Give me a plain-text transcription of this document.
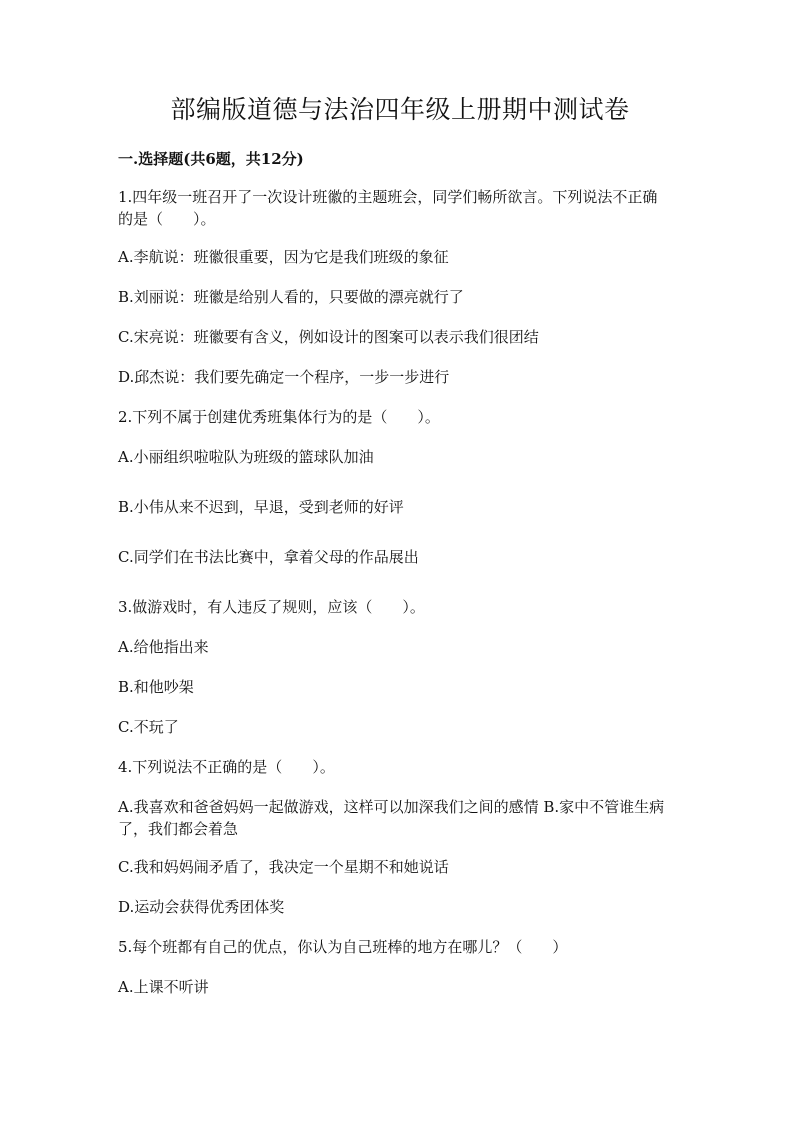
部编版道德与法治四年级上册期中测试卷
一.选择题(共6题，共12分)
1.四年级一班召开了一次设计班徽的主题班会，同学们畅所欲言。下列说法不正确的是（　　）。
A.李航说：班徽很重要，因为它是我们班级的象征
B.刘丽说：班徽是给别人看的，只要做的漂亮就行了
C.宋亮说：班徽要有含义，例如设计的图案可以表示我们很团结
D.邱杰说：我们要先确定一个程序，一步一步进行
2.下列不属于创建优秀班集体行为的是（　　）。
A.小丽组织啦啦队为班级的篮球队加油
B.小伟从来不迟到，早退，受到老师的好评
C.同学们在书法比赛中，拿着父母的作品展出
3.做游戏时，有人违反了规则，应该（　　）。
A.给他指出来
B.和他吵架
C.不玩了
4.下列说法不正确的是（　　）。
A.我喜欢和爸爸妈妈一起做游戏，这样可以加深我们之间的感情 B.家中不管谁生病了，我们都会着急
C.我和妈妈闹矛盾了，我决定一个星期不和她说话
D.运动会获得优秀团体奖
5.每个班都有自己的优点，你认为自己班棒的地方在哪儿？（　　）
A.上课不听讲
